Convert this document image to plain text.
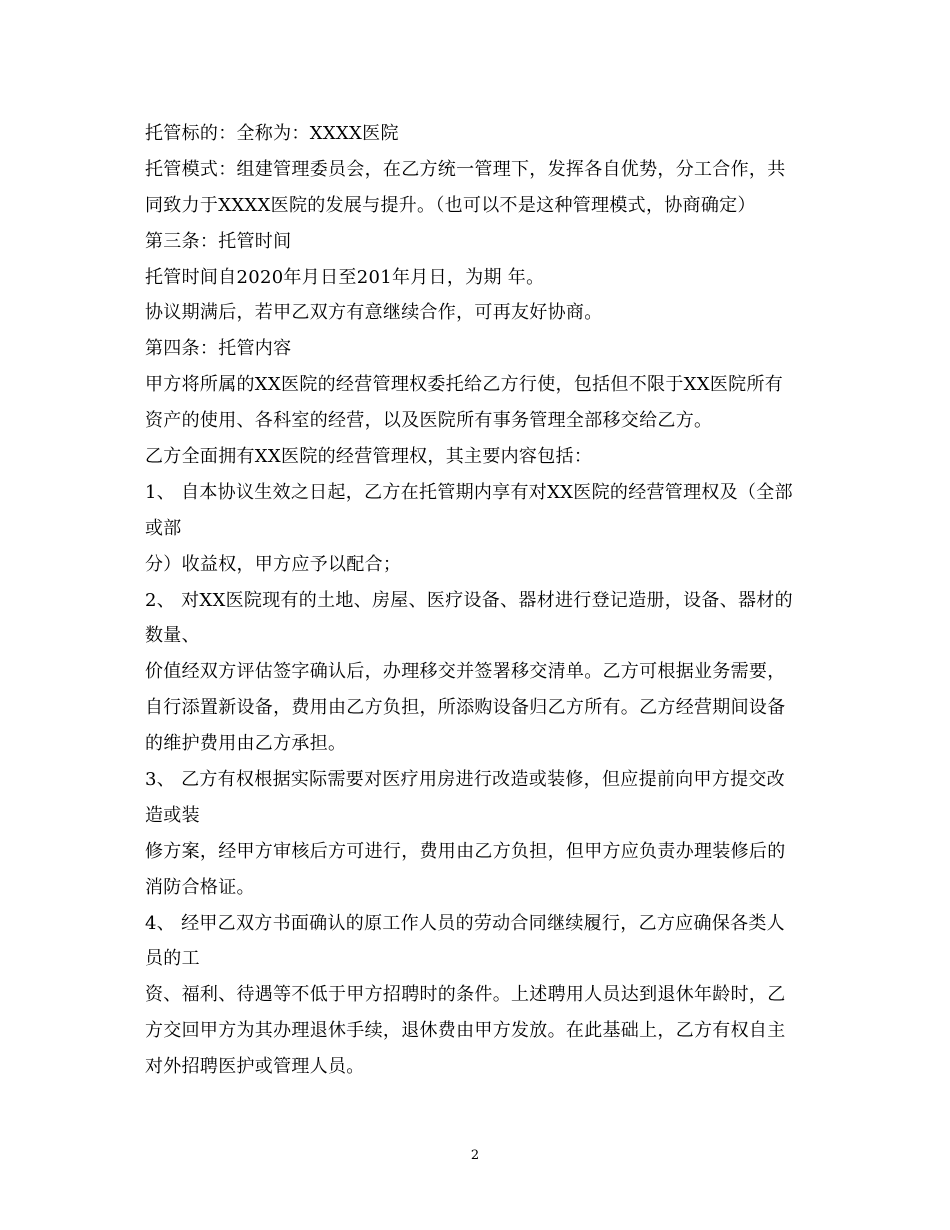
托管标的：全称为：XXXX医院
托管模式：组建管理委员会，在乙方统一管理下，发挥各自优势，分工合作，共
同致力于XXXX医院的发展与提升。（也可以不是这种管理模式，协商确定）
第三条：托管时间
托管时间自2020年月日至201年月日，为期 年。
协议期满后，若甲乙双方有意继续合作，可再友好协商。
第四条：托管内容
甲方将所属的XX医院的经营管理权委托给乙方行使，包括但不限于XX医院所有
资产的使用、各科室的经营，以及医院所有事务管理全部移交给乙方。
乙方全面拥有XX医院的经营管理权，其主要内容包括：
1、 自本协议生效之日起，乙方在托管期内享有对XX医院的经营管理权及（全部
或部
分）收益权，甲方应予以配合；
2、 对XX医院现有的土地、房屋、医疗设备、器材进行登记造册，设备、器材的
数量、
价值经双方评估签字确认后，办理移交并签署移交清单。乙方可根据业务需要，
自行添置新设备，费用由乙方负担，所添购设备归乙方所有。乙方经营期间设备
的维护费用由乙方承担。
3、 乙方有权根据实际需要对医疗用房进行改造或装修，但应提前向甲方提交改
造或装
修方案，经甲方审核后方可进行，费用由乙方负担，但甲方应负责办理装修后的
消防合格证。
4、 经甲乙双方书面确认的原工作人员的劳动合同继续履行，乙方应确保各类人
员的工
资、福利、待遇等不低于甲方招聘时的条件。上述聘用人员达到退休年龄时，乙
方交回甲方为其办理退休手续，退休费由甲方发放。在此基础上，乙方有权自主
对外招聘医护或管理人员。
2
